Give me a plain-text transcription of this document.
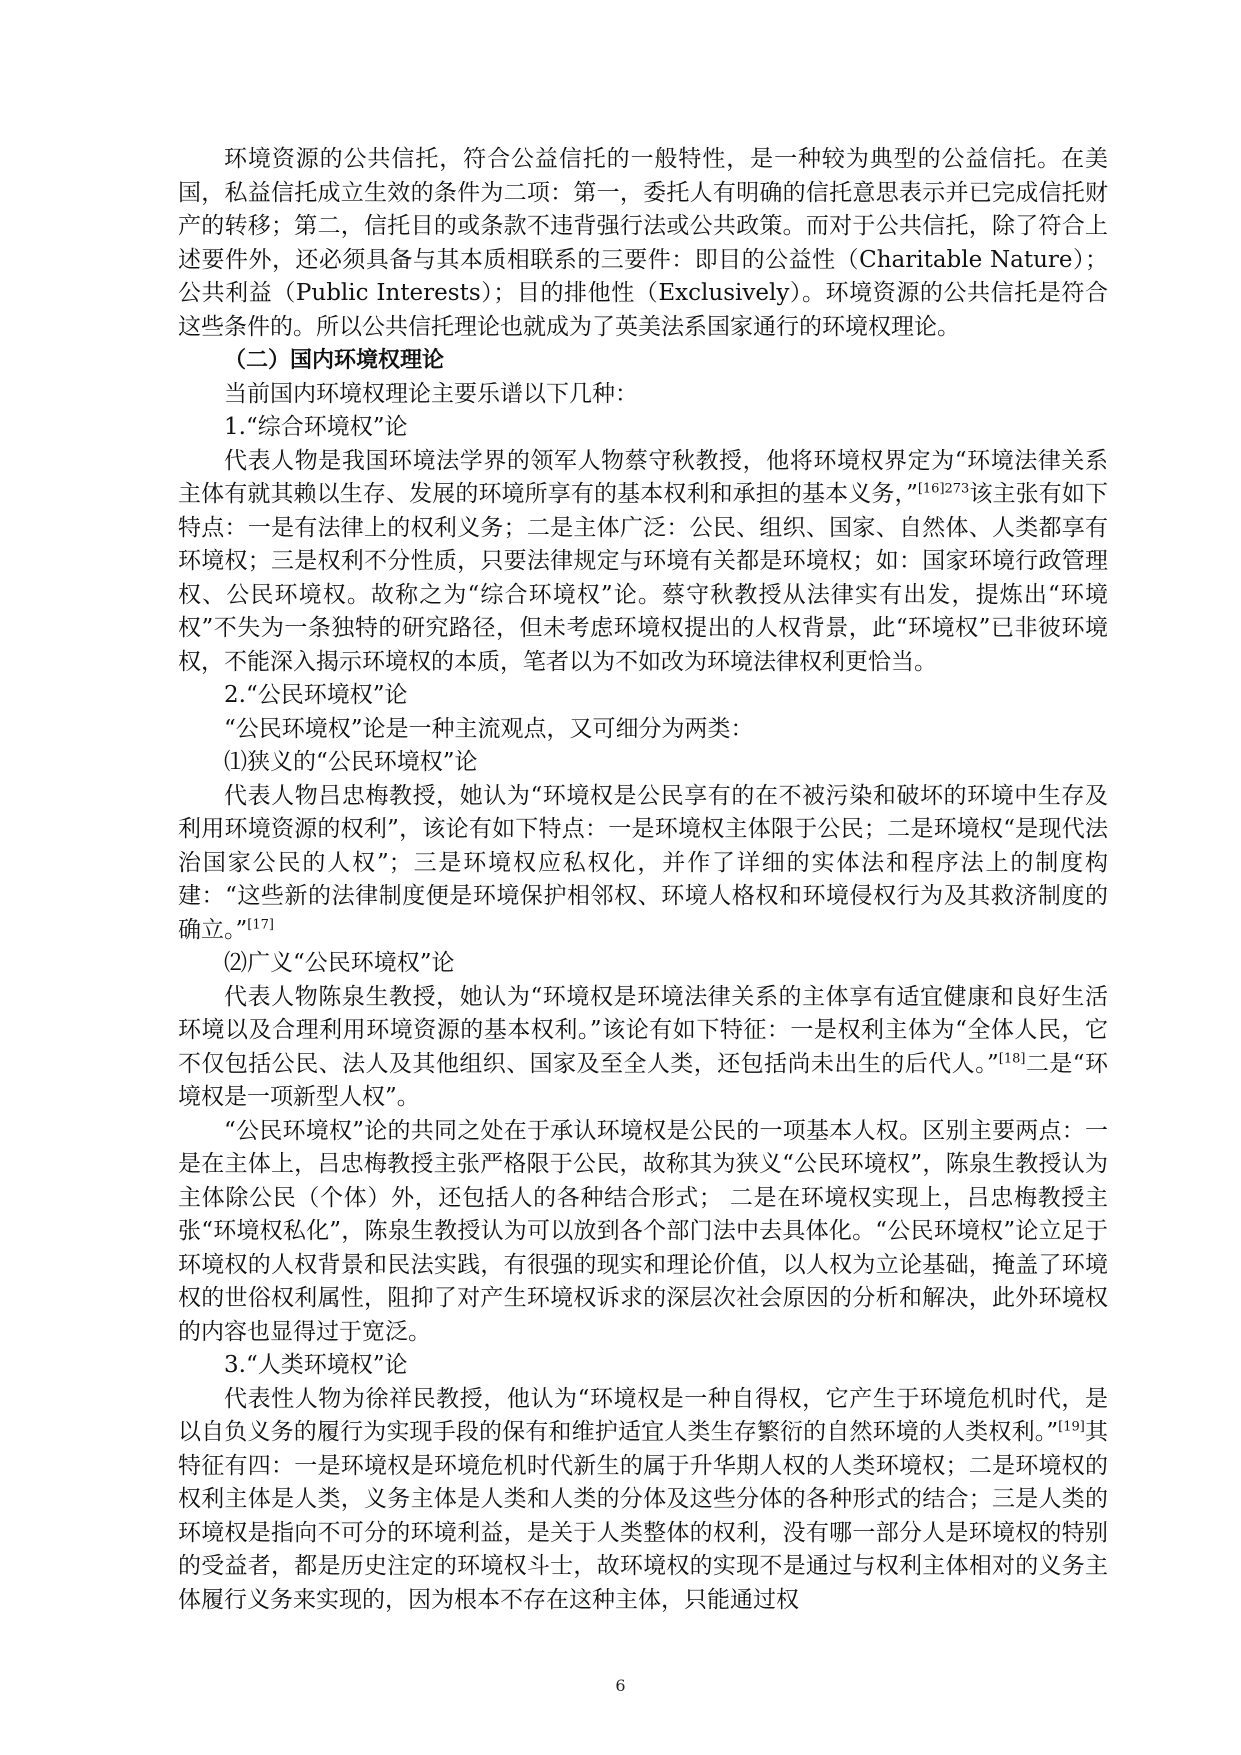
环境资源的公共信托，符合公益信托的一般特性，是一种较为典型的公益信托。在美国，私益信托成立生效的条件为二项：第一，委托人有明确的信托意思表示并已完成信托财产的转移；第二，信托目的或条款不违背强行法或公共政策。而对于公共信托，除了符合上述要件外，还必须具备与其本质相联系的三要件：即目的公益性（Charitable Nature）；公共利益（Public Interests）；目的排他性（Exclusively）。环境资源的公共信托是符合这些条件的。所以公共信托理论也就成为了英美法系国家通行的环境权理论。

（二）国内环境权理论

当前国内环境权理论主要乐谱以下几种：

1.“综合环境权”论

代表人物是我国环境法学界的领军人物蔡守秋教授，他将环境权界定为“环境法律关系主体有就其赖以生存、发展的环境所享有的基本权利和承担的基本义务，”$^{[16]273}$该主张有如下特点：一是有法律上的权利义务；二是主体广泛：公民、组织、国家、自然体、人类都享有环境权；三是权利不分性质，只要法律规定与环境有关都是环境权；如：国家环境行政管理权、公民环境权。故称之为“综合环境权”论。蔡守秋教授从法律实有出发，提炼出“环境权”不失为一条独特的研究路径，但未考虑环境权提出的人权背景，此“环境权”已非彼环境权，不能深入揭示环境权的本质，笔者以为不如改为环境法律权利更恰当。

2.“公民环境权”论

“公民环境权”论是一种主流观点，又可细分为两类：

⑴狭义的“公民环境权”论

代表人物吕忠梅教授，她认为“环境权是公民享有的在不被污染和破坏的环境中生存及利用环境资源的权利”，该论有如下特点：一是环境权主体限于公民；二是环境权“是现代法治国家公民的人权”；三是环境权应私权化，并作了详细的实体法和程序法上的制度构建：“这些新的法律制度便是环境保护相邻权、环境人格权和环境侵权行为及其救济制度的确立。”[17]

⑵广义“公民环境权”论

代表人物陈泉生教授，她认为“环境权是环境法律关系的主体享有适宜健康和良好生活环境以及合理利用环境资源的基本权利。”该论有如下特征：一是权利主体为“全体人民，它不仅包括公民、法人及其他组织、国家及至全人类，还包括尚未出生的后代人。”[18]二是“环境权是一项新型人权”。

“公民环境权”论的共同之处在于承认环境权是公民的一项基本人权。区别主要两点：一是在主体上，吕忠梅教授主张严格限于公民，故称其为狭义“公民环境权”，陈泉生教授认为主体除公民（个体）外，还包括人的各种结合形式； 二是在环境权实现上，吕忠梅教授主张“环境权私化”，陈泉生教授认为可以放到各个部门法中去具体化。“公民环境权”论立足于环境权的人权背景和民法实践，有很强的现实和理论价值，以人权为立论基础，掩盖了环境权的世俗权利属性，阻抑了对产生环境权诉求的深层次社会原因的分析和解决，此外环境权的内容也显得过于宽泛。

3.“人类环境权”论

代表性人物为徐祥民教授，他认为“环境权是一种自得权，它产生于环境危机时代，是以自负义务的履行为实现手段的保有和维护适宜人类生存繁衍的自然环境的人类权利。”[19]其特征有四：一是环境权是环境危机时代新生的属于升华期人权的人类环境权；二是环境权的权利主体是人类，义务主体是人类和人类的分体及这些分体的各种形式的结合；三是人类的环境权是指向不可分的环境利益，是关于人类整体的权利，没有哪一部分人是环境权的特别的受益者，都是历史注定的环境权斗士，故环境权的实现不是通过与权利主体相对的义务主体履行义务来实现的，因为根本不存在这种主体，只能通过权

6
